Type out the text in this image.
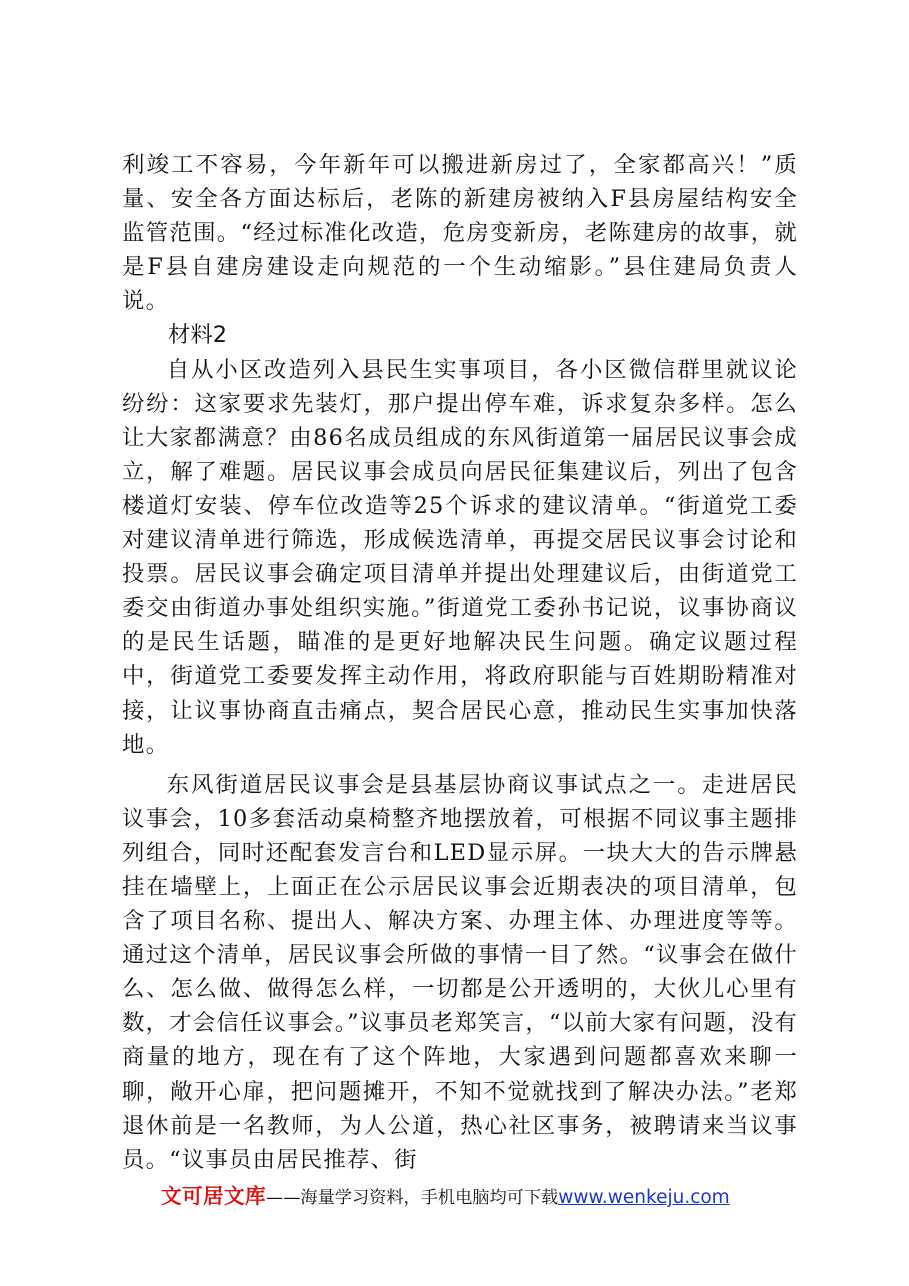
利竣工不容易，今年新年可以搬进新房过了，全家都高兴！”质量、安全各方面达标后，老陈的新建房被纳入F县房屋结构安全监管范围。“经过标准化改造，危房变新房，老陈建房的故事，就是F县自建房建设走向规范的一个生动缩影。”县住建局负责人说。

材料2

自从小区改造列入县民生实事项目，各小区微信群里就议论纷纷：这家要求先装灯，那户提出停车难，诉求复杂多样。怎么让大家都满意？由86名成员组成的东风街道第一届居民议事会成立，解了难题。居民议事会成员向居民征集建议后，列出了包含楼道灯安装、停车位改造等25个诉求的建议清单。“街道党工委对建议清单进行筛选，形成候选清单，再提交居民议事会讨论和投票。居民议事会确定项目清单并提出处理建议后，由街道党工委交由街道办事处组织实施。”街道党工委孙书记说，议事协商议的是民生话题，瞄准的是更好地解决民生问题。确定议题过程中，街道党工委要发挥主动作用，将政府职能与百姓期盼精准对接，让议事协商直击痛点，契合居民心意，推动民生实事加快落地。

东风街道居民议事会是县基层协商议事试点之一。走进居民议事会，10多套活动桌椅整齐地摆放着，可根据不同议事主题排列组合，同时还配套发言台和LED显示屏。一块大大的告示牌悬挂在墙壁上，上面正在公示居民议事会近期表决的项目清单，包含了项目名称、提出人、解决方案、办理主体、办理进度等等。通过这个清单，居民议事会所做的事情一目了然。“议事会在做什么、怎么做、做得怎么样，一切都是公开透明的，大伙儿心里有数，才会信任议事会。”议事员老郑笑言，“以前大家有问题，没有商量的地方，现在有了这个阵地，大家遇到问题都喜欢来聊一聊，敞开心扉，把问题摊开，不知不觉就找到了解决办法。”老郑退休前是一名教师，为人公道，热心社区事务，被聘请来当议事员。“议事员由居民推荐、街

文可居文库——海量学习资料，手机电脑均可下载www.wenkeju.com
